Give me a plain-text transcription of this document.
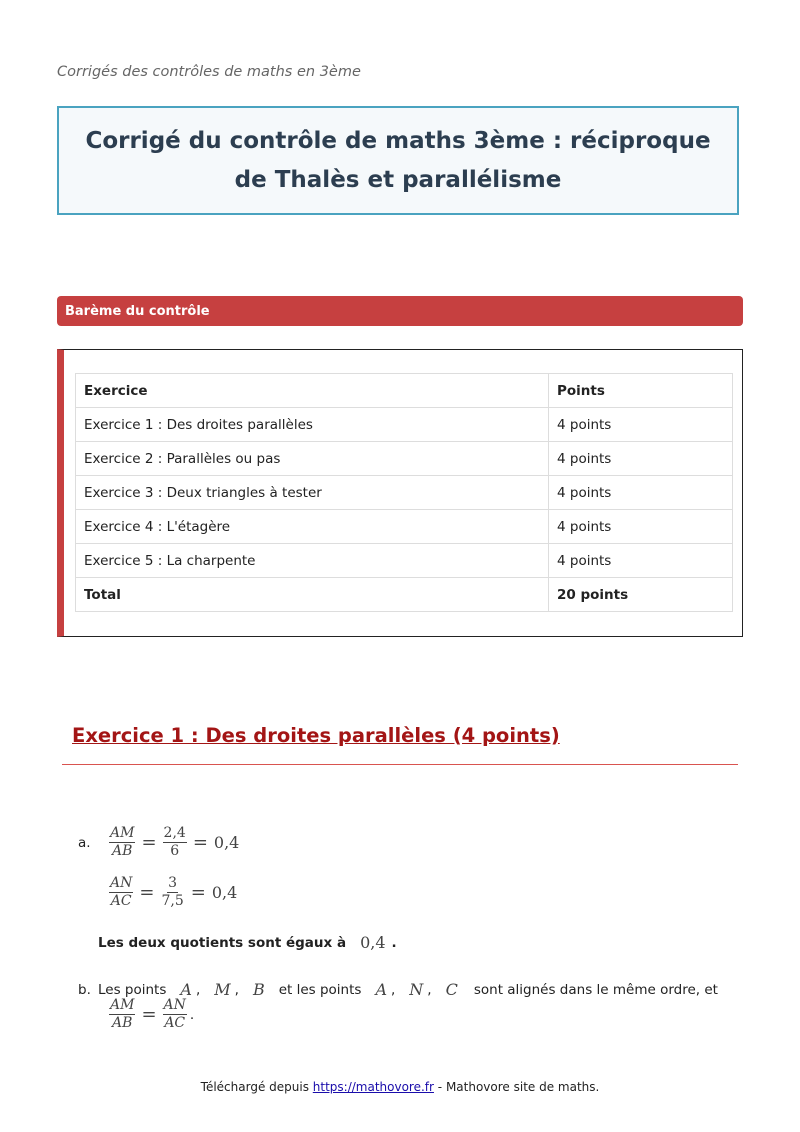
Corrigés des contrôles de maths en 3ème
Corrigé du contrôle de maths 3ème : réciproque de Thalès et parallélisme
Barème du contrôle
Exercice	Points
Exercice 1 : Des droites parallèles	4 points
Exercice 2 : Parallèles ou pas	4 points
Exercice 3 : Deux triangles à tester	4 points
Exercice 4 : L'étagère	4 points
Exercice 5 : La charpente	4 points
Total	20 points
Exercice 1 : Des droites parallèles (4 points)
a.	$\frac{AM}{AB} = \frac{2,4}{6} = 0,4$
$\frac{AN}{AC} = \frac{3}{7,5} = 0,4$
Les deux quotients sont égaux à 0,4 .
b. Les points A , M , B et les points A , N , C sont alignés dans le même ordre, et
$\frac{AM}{AB} = \frac{AN}{AC}$ .
Téléchargé depuis https://mathovore.fr - Mathovore site de maths.
